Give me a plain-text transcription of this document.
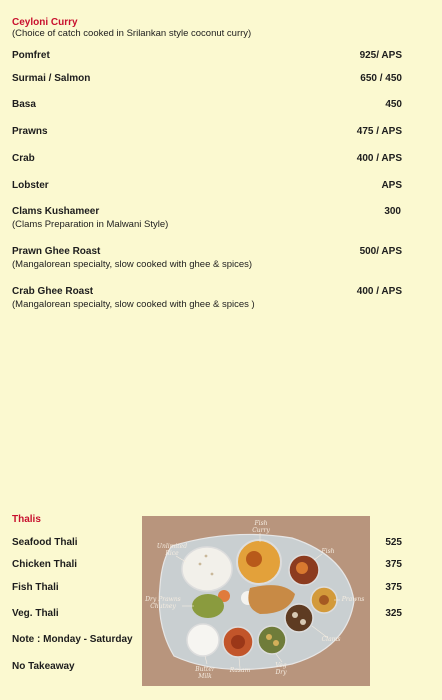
Ceyloni Curry
(Choice of catch cooked in Srilankan style coconut curry)
Pomfret	925/ APS
Surmai / Salmon	650 / 450
Basa	450
Prawns	475 / APS
Crab	400 / APS
Lobster	APS
Clams Kushameer	300
(Clams Preparation in Malwani Style)
Prawn Ghee Roast	500/ APS
(Mangalorean specialty, slow cooked with ghee & spices)
Crab Ghee Roast	400 / APS
(Mangalorean specialty, slow cooked with ghee & spices )
Thalis
Seafood Thali	525
Chicken Thali	375
Fish Thali	375
Veg. Thali	325
Note : Monday - Saturday
No Takeaway
Fish Curry
Unlimited Rice	Fish
Dry Prawns Chutney
Prawns
Clams
Butter Milk
Rasam
Veg Dry
